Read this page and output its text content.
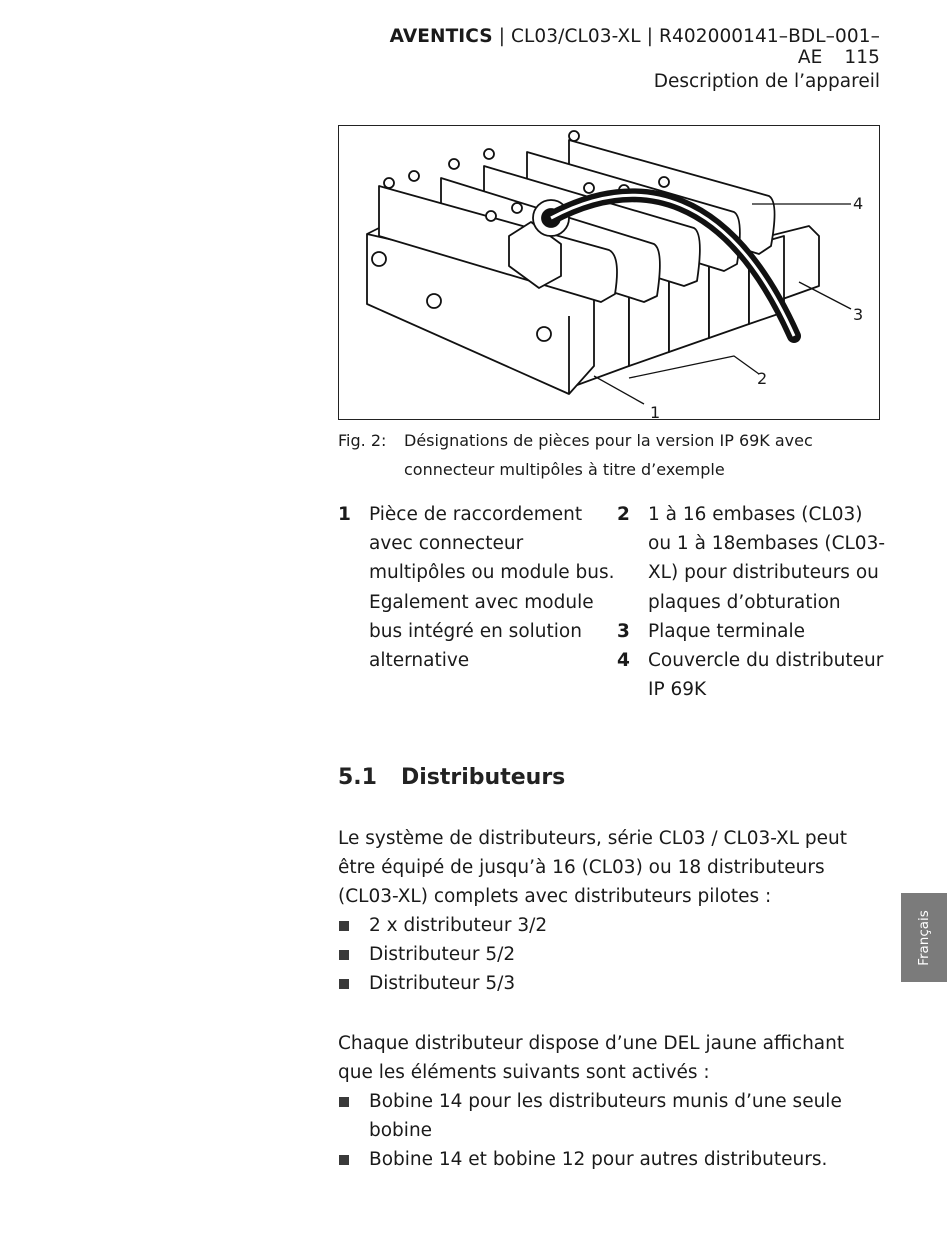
AVENTICS | CL03/CL03-XL | R402000141–BDL–001–AE 115
Description de l’appareil
1
2
3
4
Fig. 2: Désignations de pièces pour la version IP 69K avec connecteur multipôles à titre d’exemple
1 Pièce de raccordement avec connecteur multipôles ou module bus. Egalement avec module bus intégré en solution alternative
2 1 à 16 embases (CL03) ou 1 à 18embases (CL03-XL) pour distributeurs ou plaques d’obturation
3 Plaque terminale
4 Couvercle du distributeur IP 69K
5.1 Distributeurs
Le système de distributeurs, série CL03 / CL03-XL peut être équipé de jusqu’à 16 (CL03) ou 18 distributeurs (CL03-XL) complets avec distributeurs pilotes :
2 x distributeur 3/2
Distributeur 5/2
Distributeur 5/3
Chaque distributeur dispose d’une DEL jaune affichant que les éléments suivants sont activés :
Bobine 14 pour les distributeurs munis d’une seule bobine
Bobine 14 et bobine 12 pour autres distributeurs.
Français
